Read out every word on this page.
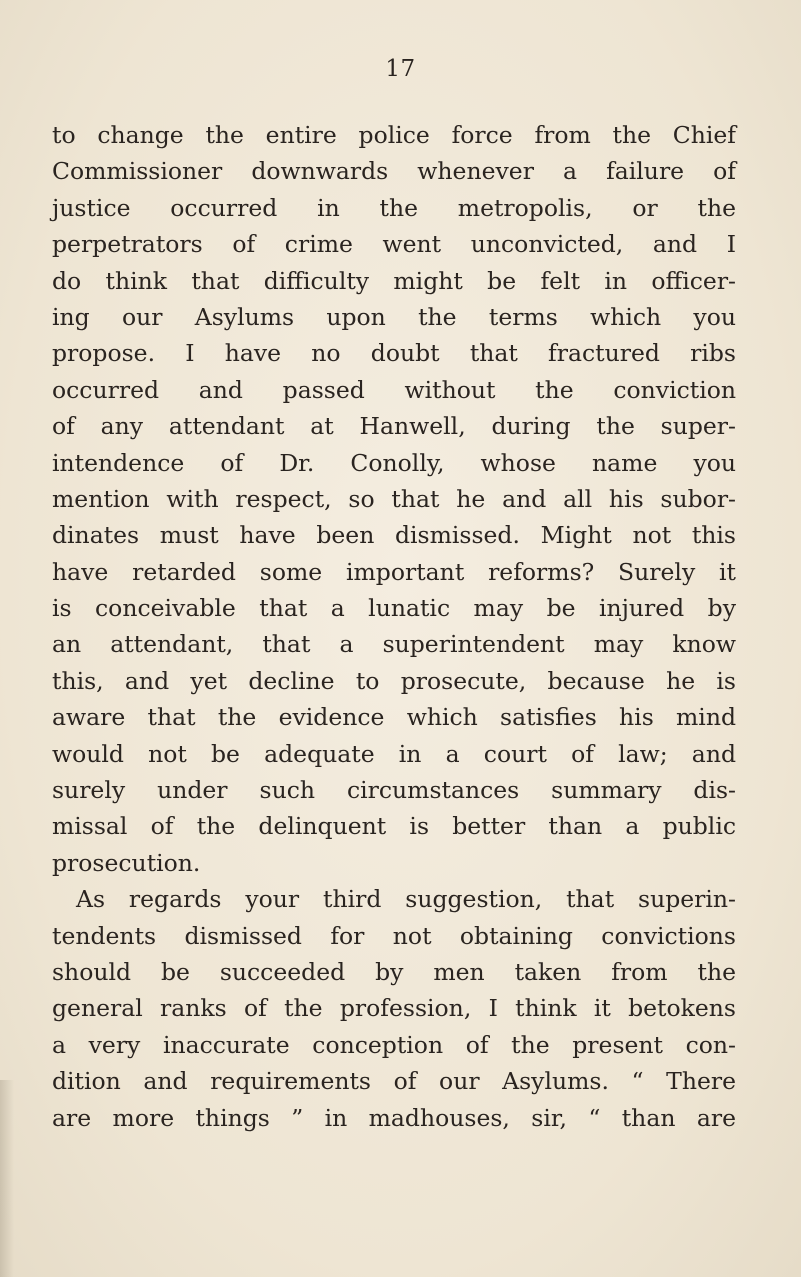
17
to change the entire police force from the Chief
Commissioner downwards whenever a failure of
justice occurred in the metropolis, or the
perpetrators of crime went unconvicted, and I
do think that difficulty might be felt in officer-
ing our Asylums upon the terms which you
propose. I have no doubt that fractured ribs
occurred and passed without the conviction
of any attendant at Hanwell, during the super-
intendence of Dr. Conolly, whose name you
mention with respect, so that he and all his subor-
dinates must have been dismissed. Might not this
have retarded some important reforms? Surely it
is conceivable that a lunatic may be injured by
an attendant, that a superintendent may know
this, and yet decline to prosecute, because he is
aware that the evidence which satisfies his mind
would not be adequate in a court of law; and
surely under such circumstances summary dis-
missal of the delinquent is better than a public
prosecution.
As regards your third suggestion, that superin-
tendents dismissed for not obtaining convictions
should be succeeded by men taken from the
general ranks of the profession, I think it betokens
a very inaccurate conception of the present con-
dition and requirements of our Asylums. “ There
are more things ” in madhouses, sir, “ than are
